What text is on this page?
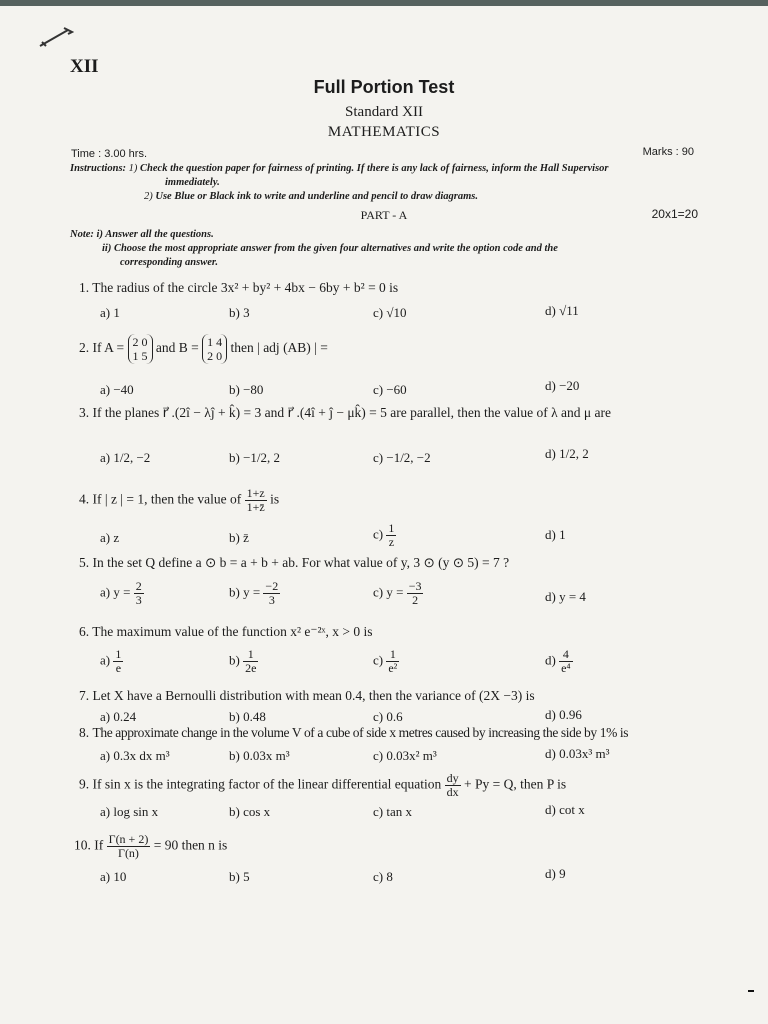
XII
Full Portion Test
Standard XII
MATHEMATICS
Time : 3.00 hrs.	Marks : 90
Instructions: 1) Check the question paper for fairness of printing. If there is any lack of fairness, inform the Hall Supervisor
immediately.
2) Use Blue or Black ink to write and underline and pencil to draw diagrams.
PART - A	20x1=20
Note: i) Answer all the questions.
ii) Choose the most appropriate answer from the given four alternatives and write the option code and the
corresponding answer.
1. The radius of the circle 3x² + by² + 4bx − 6by + b² = 0 is
a) 1	b) 3	c) √10	d) √11
2. If A = 2 0
1 5
and B = 1 4
2 0
then | adj (AB) | =
a) −40	b) −80	c) −60	d) −20
3. If the planes r⃗ .(2î − λĵ + k̂) = 3 and r⃗ .(4î + ĵ − μk̂) = 5 are parallel, then the value of λ and μ are
a) 1/2, −2	b) −1/2, 2	c) −1/2, −2	d) 1/2, 2
4. If | z | = 1, then the value of $\frac{1+z}{1+z̄}$ is
a) z	b) z̄	$c) \frac{1}{z}$	d) 1
5. In the set Q define a ⊙ b = a + b + ab. For what value of y, 3 ⊙ (y ⊙ 5) = 7 ?
a) $y = \frac{2}{3}$	b) $y = \frac{-2}{3}$	c) $y = \frac{-3}{2}$	d) y = 4
6. The maximum value of the function x² e⁻²ˣ, x > 0 is
$a) \frac{1}{e}$	$b) \frac{1}{2e}$	$c) \frac{1}{\text{e²}}$	$d) \frac{4}{\text{e⁴}}$
7. Let X have a Bernoulli distribution with mean 0.4, then the variance of (2X −3) is
a) 0.24	b) 0.48	c) 0.6	d) 0.96
8. The approximate change in the volume V of a cube of side x metres caused by increasing the side by 1% is
a) 0.3x dx m³	b) 0.03x m³	c) 0.03x² m³	d) 0.03x³ m³
9. If sin x is the integrating factor of the linear differential equation $\frac{dy}{dx} + Py = Q$, then P is
a) log sin x	b) cos x	c) tan x	d) cot x
10. If $\frac{\Gamma(n + 2)}{\Gamma(n)} = 90$ then n is
a) 10	b) 5	c) 8	d) 9
